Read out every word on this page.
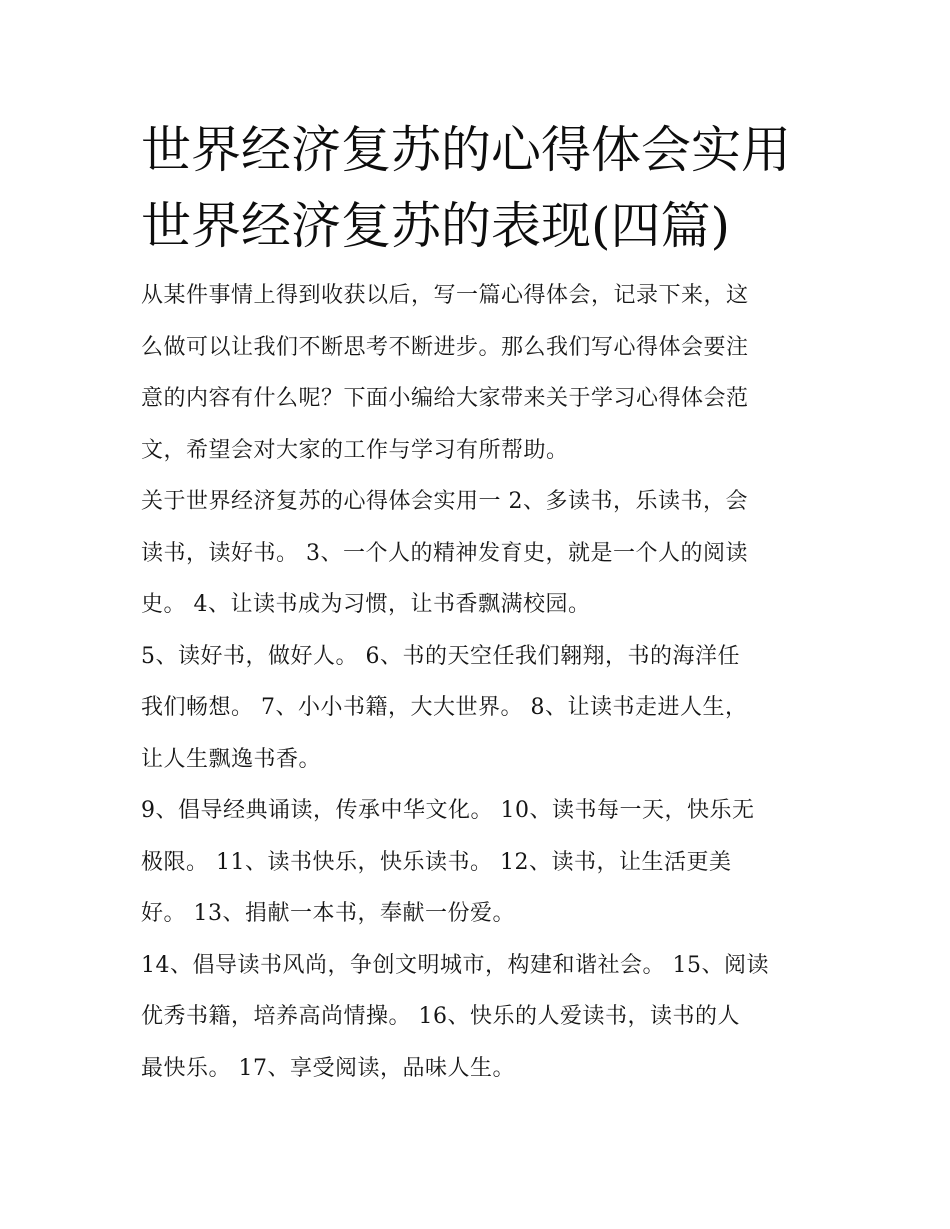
世界经济复苏的心得体会实用
世界经济复苏的表现(四篇)

从某件事情上得到收获以后，写一篇心得体会，记录下来，这
么做可以让我们不断思考不断进步。那么我们写心得体会要注
意的内容有什么呢？下面小编给大家带来关于学习心得体会范
文，希望会对大家的工作与学习有所帮助。

关于世界经济复苏的心得体会实用一 2、多读书，乐读书，会
读书，读好书。 3、一个人的精神发育史，就是一个人的阅读
史。 4、让读书成为习惯，让书香飘满校园。

5、读好书，做好人。 6、书的天空任我们翱翔，书的海洋任
我们畅想。 7、小小书籍，大大世界。 8、让读书走进人生，
让人生飘逸书香。

9、倡导经典诵读，传承中华文化。 10、读书每一天，快乐无
极限。 11、读书快乐，快乐读书。 12、读书，让生活更美
好。 13、捐献一本书，奉献一份爱。

14、倡导读书风尚，争创文明城市，构建和谐社会。 15、阅读
优秀书籍，培养高尚情操。 16、快乐的人爱读书，读书的人
最快乐。 17、享受阅读，品味人生。
